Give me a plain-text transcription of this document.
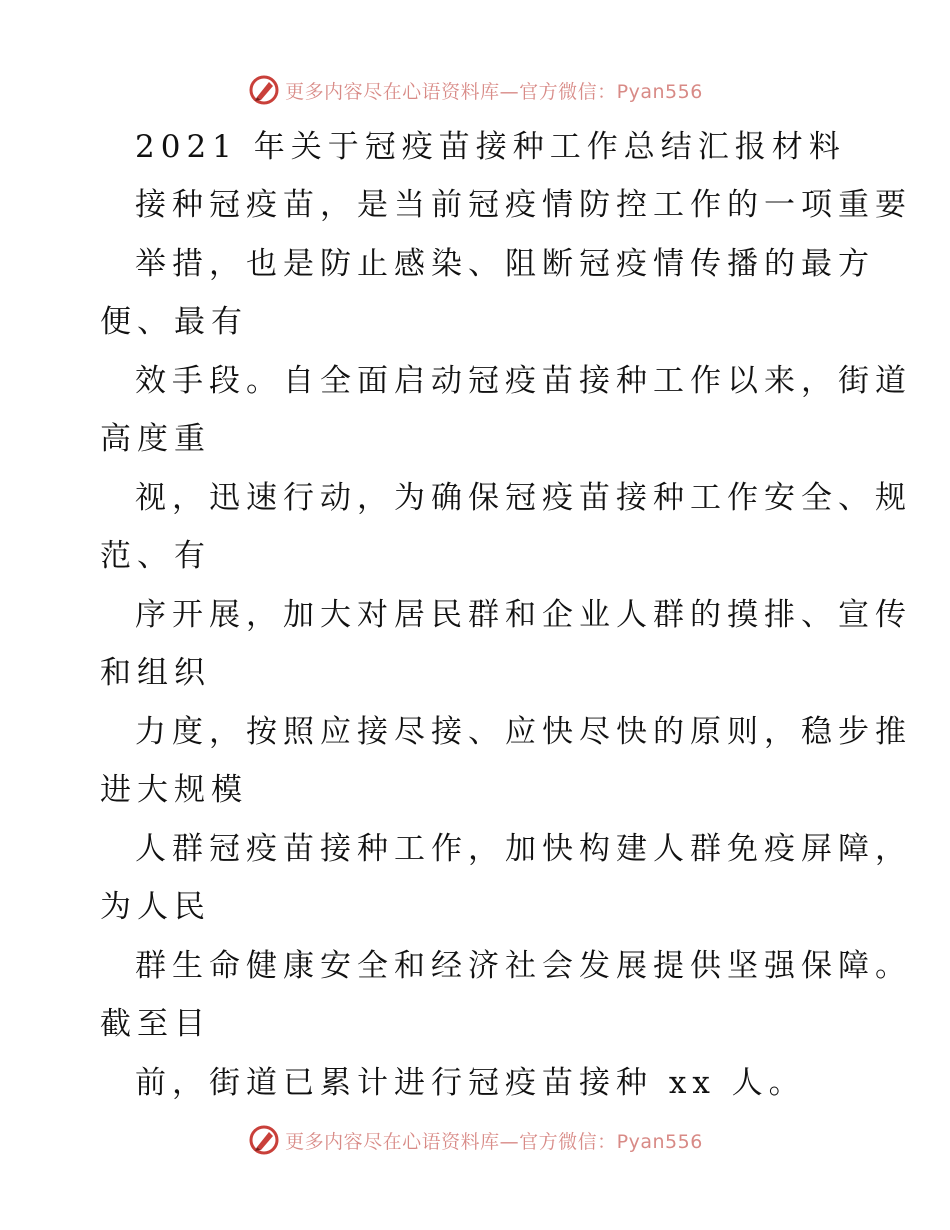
更多内容尽在心语资料库—官方微信：Pyan556
2021 年关于冠疫苗接种工作总结汇报材料
接种冠疫苗，是当前冠疫情防控工作的一项重要
举措，也是防止感染、阻断冠疫情传播的最方
便、最有
效手段。自全面启动冠疫苗接种工作以来，街道
高度重
视，迅速行动，为确保冠疫苗接种工作安全、规
范、有
序开展，加大对居民群和企业人群的摸排、宣传
和组织
力度，按照应接尽接、应快尽快的原则，稳步推
进大规模
人群冠疫苗接种工作，加快构建人群免疫屏障，
为人民
群生命健康安全和经济社会发展提供坚强保障。
截至目
前，街道已累计进行冠疫苗接种 xx 人。
更多内容尽在心语资料库—官方微信：Pyan556
